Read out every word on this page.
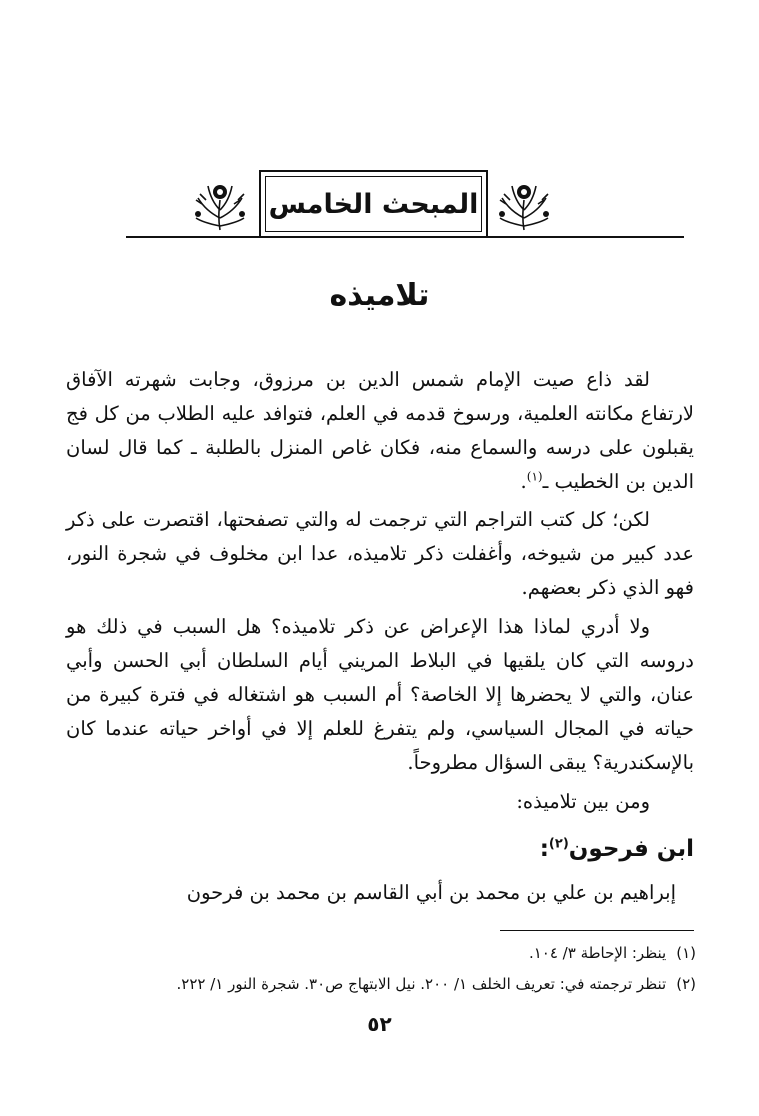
المبحث الخامس
تلاميذه

لقد ذاع صيت الإمام شمس الدين بن مرزوق، وجابت شهرته الآفاق لارتفاع مكانته العلمية، ورسوخ قدمه في العلم، فتوافد عليه الطلاب من كل فج يقبلون على درسه والسماع منه، فكان غاص المنزل بالطلبة ـ كما قال لسان الدين بن الخطيب ـ$^{(١)}$.

لكن؛ كل كتب التراجم التي ترجمت له والتي تصفحتها، اقتصرت على ذكر عدد كبير من شيوخه، وأغفلت ذكر تلاميذه، عدا ابن مخلوف في شجرة النور، فهو الذي ذكر بعضهم.

ولا أدري لماذا هذا الإعراض عن ذكر تلاميذه؟ هل السبب في ذلك هو دروسه التي كان يلقيها في البلاط المريني أيام السلطان أبي الحسن وأبي عنان، والتي لا يحضرها إلا الخاصة؟ أم السبب هو اشتغاله في فترة كبيرة من حياته في المجال السياسي، ولم يتفرغ للعلم إلا في أواخر حياته عندما كان بالإسكندرية؟ يبقى السؤال مطروحاً.

ومن بين تلاميذه:

ابن فرحون$^{(٢)}$:

إبراهيم بن علي بن محمد بن أبي القاسم بن محمد بن فرحون

(١)ينظر: الإحاطة ٣/ ١٠٤.
(٢)تنظر ترجمته في: تعريف الخلف ١/ ٢٠٠. نيل الابتهاج ص٣٠. شجرة النور ١/ ٢٢٢.
٥٢
